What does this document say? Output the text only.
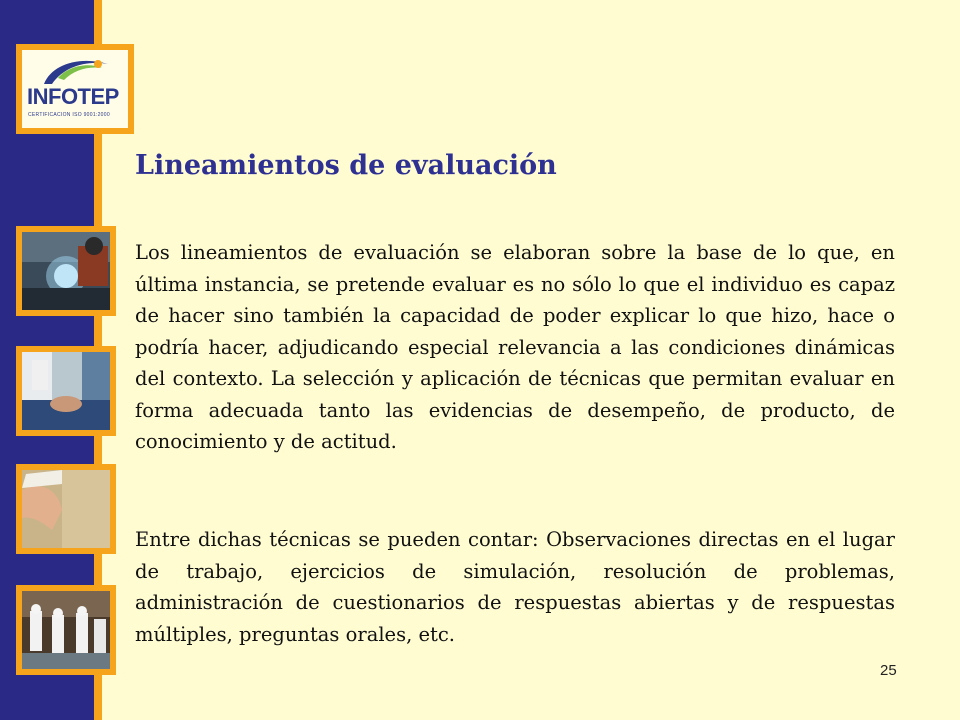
INFOTEP
CERTIFICACION ISO 9001:2000
Lineamientos de evaluación

Los lineamientos de evaluación se elaboran sobre la base de lo que, en última instancia, se pretende evaluar es no sólo lo que el individuo es capaz de hacer sino también la capacidad de poder explicar lo que hizo, hace o podría hacer, adjudicando especial relevancia a las condiciones dinámicas del contexto. La selección y aplicación de técnicas que permitan evaluar en forma adecuada tanto las evidencias de desempeño, de producto, de conocimiento y de actitud.

Entre dichas técnicas se pueden contar: Observaciones directas en el lugar de trabajo, ejercicios de simulación, resolución de problemas, administración de cuestionarios de respuestas abiertas y de respuestas múltiples, preguntas orales, etc.

25
